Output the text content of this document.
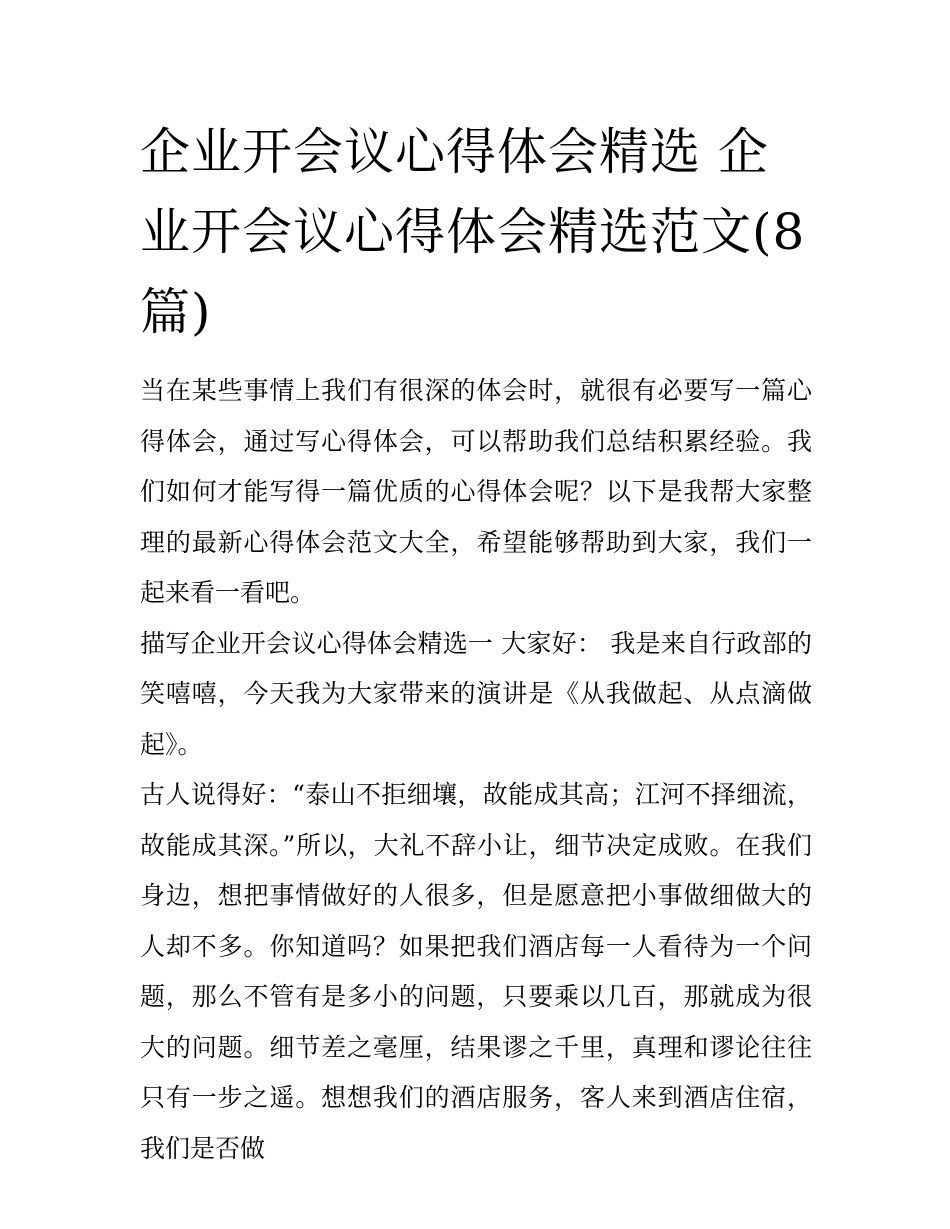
企业开会议心得体会精选 企业开会议心得体会精选范文(8篇)

当在某些事情上我们有很深的体会时，就很有必要写一篇心得体会，通过写心得体会，可以帮助我们总结积累经验。我们如何才能写得一篇优质的心得体会呢？以下是我帮大家整理的最新心得体会范文大全，希望能够帮助到大家，我们一起来看一看吧。

描写企业开会议心得体会精选一 大家好： 我是来自行政部的笑嘻嘻，今天我为大家带来的演讲是《从我做起、从点滴做起》。

古人说得好：“泰山不拒细壤，故能成其高；江河不择细流，故能成其深。”所以，大礼不辞小让，细节决定成败。在我们身边，想把事情做好的人很多，但是愿意把小事做细做大的人却不多。你知道吗？如果把我们酒店每一人看待为一个问题，那么不管有是多小的问题，只要乘以几百，那就成为很大的问题。细节差之毫厘，结果谬之千里，真理和谬论往往只有一步之遥。想想我们的酒店服务，客人来到酒店住宿，我们是否做
